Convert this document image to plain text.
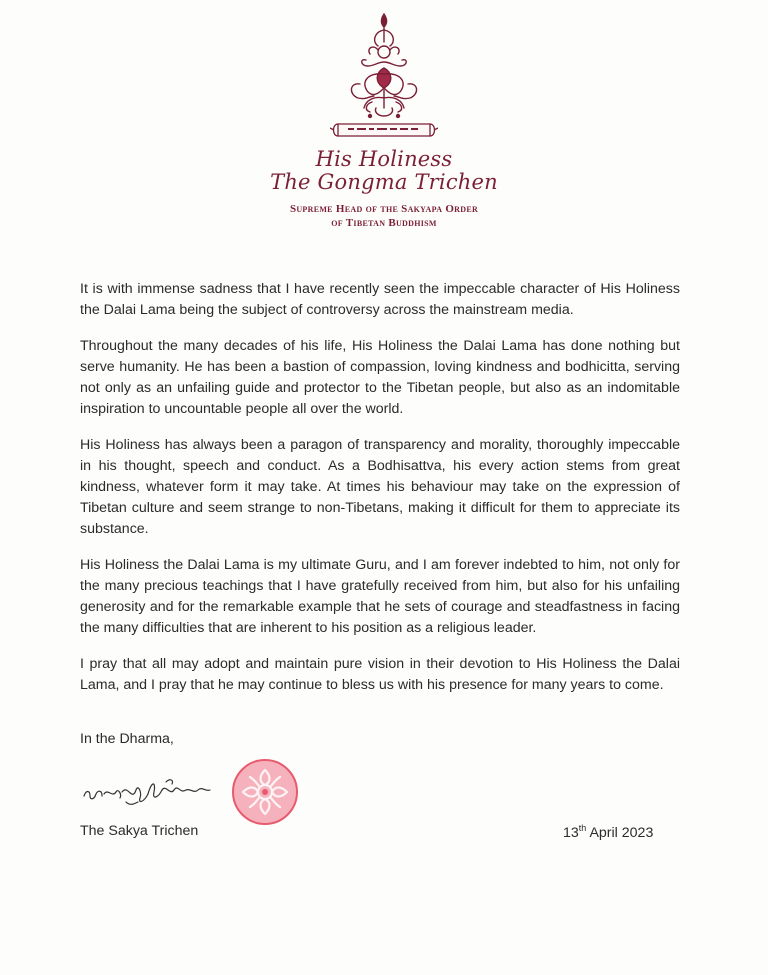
His Holiness
The Gongma Trichen
Supreme Head of the Sakyapa Order
of Tibetan Buddhism

It is with immense sadness that I have recently seen the impeccable character of His Holiness the Dalai Lama being the subject of controversy across the mainstream media.

Throughout the many decades of his life, His Holiness the Dalai Lama has done nothing but serve humanity. He has been a bastion of compassion, loving kindness and bodhicitta, serving not only as an unfailing guide and protector to the Tibetan people, but also as an indomitable inspiration to uncountable people all over the world.

His Holiness has always been a paragon of transparency and morality, thoroughly impeccable in his thought, speech and conduct. As a Bodhisattva, his every action stems from great kindness, whatever form it may take. At times his behaviour may take on the expression of Tibetan culture and seem strange to non-Tibetans, making it difficult for them to appreciate its substance.

His Holiness the Dalai Lama is my ultimate Guru, and I am forever indebted to him, not only for the many precious teachings that I have gratefully received from him, but also for his unfailing generosity and for the remarkable example that he sets of courage and steadfastness in facing the many difficulties that are inherent to his position as a religious leader.

I pray that all may adopt and maintain pure vision in their devotion to His Holiness the Dalai Lama, and I pray that he may continue to bless us with his presence for many years to come.

In the Dharma,
The Sakya Trichen	13th April 2023
